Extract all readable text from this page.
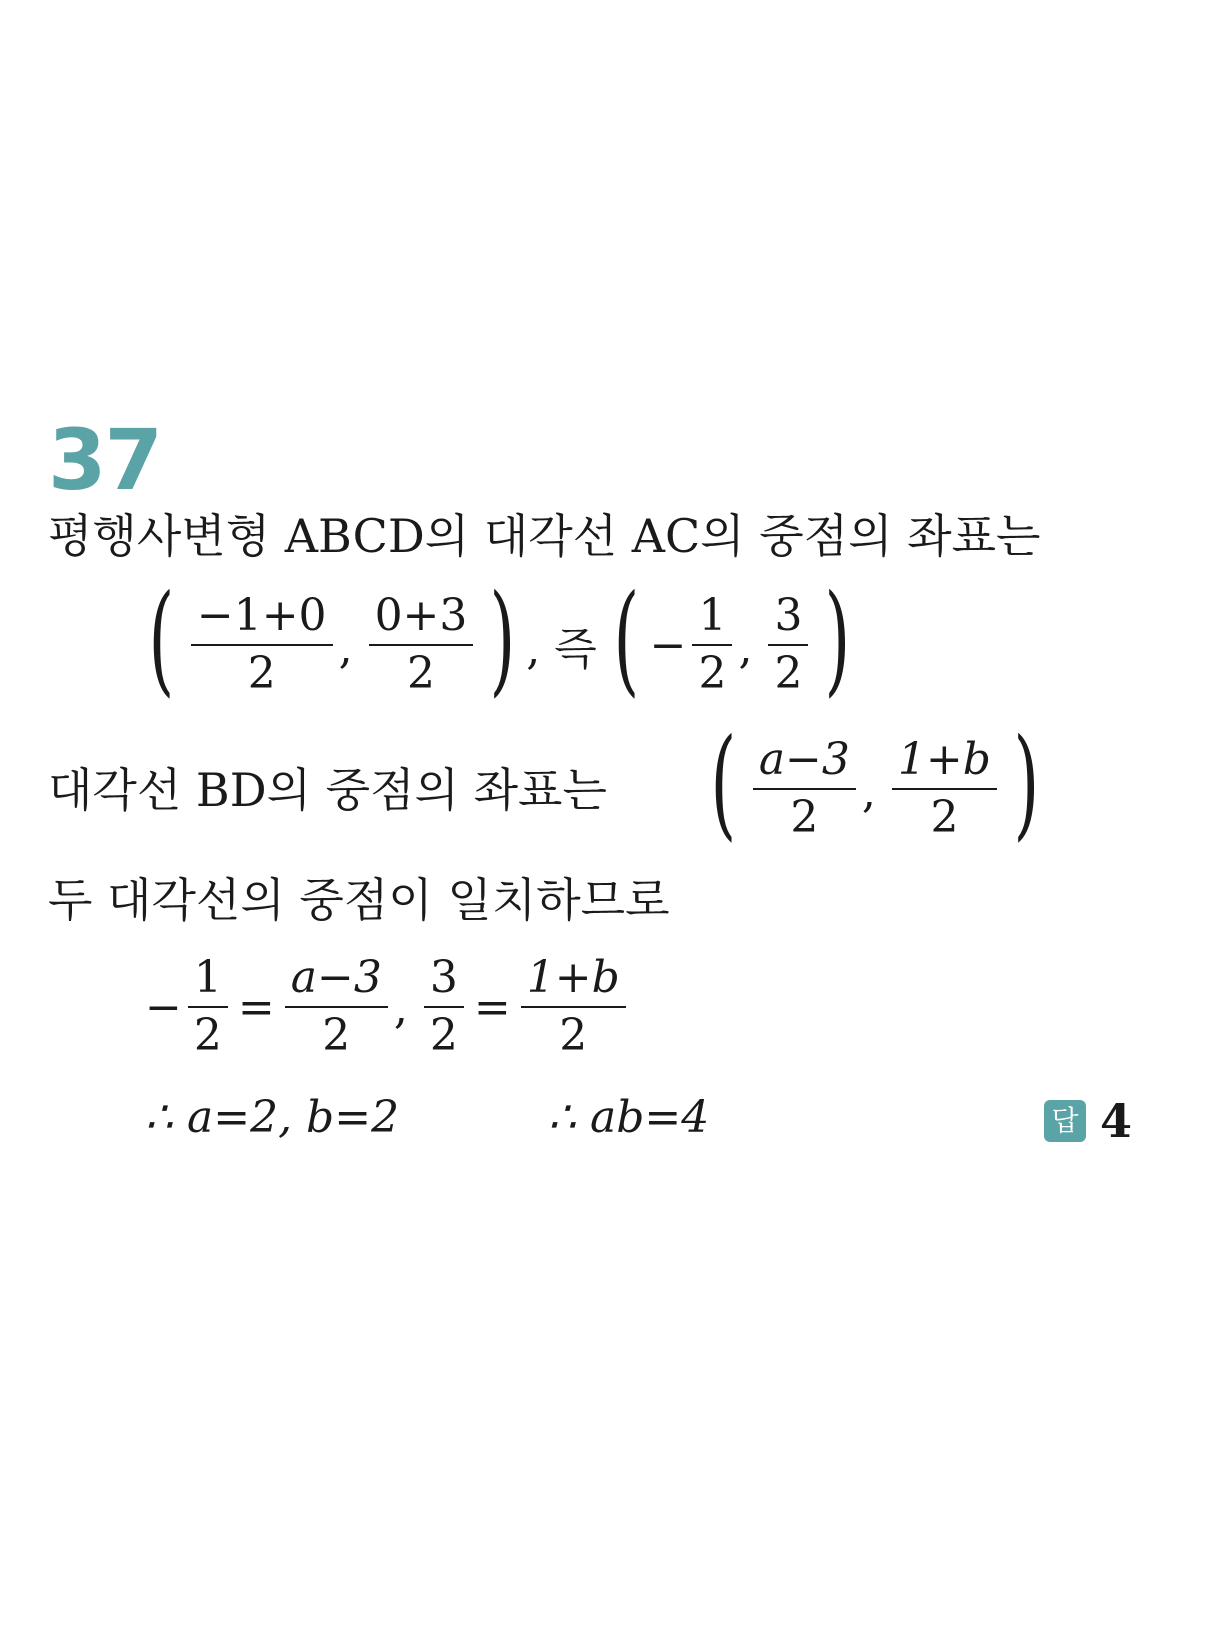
37
평행사변형 ABCD의 대각선 AC의 중점의 좌표는
( $\frac{-1+0}{2}$ , $\frac{0+3}{2}$ ) , 즉 ( − $\frac{1}{2}$ , $\frac{3}{2}$ )
대각선 BD의 중점의 좌표는 ( $\frac{a-3}{2}$ , $\frac{1+b}{2}$ )
두 대각선의 중점이 일치하므로
− $\frac{1}{2} = \frac{a-3}{2}$ , $\frac{3}{2} = \frac{1+b}{2}$
∴ a=2, b=2	∴ ab=4	답 4
